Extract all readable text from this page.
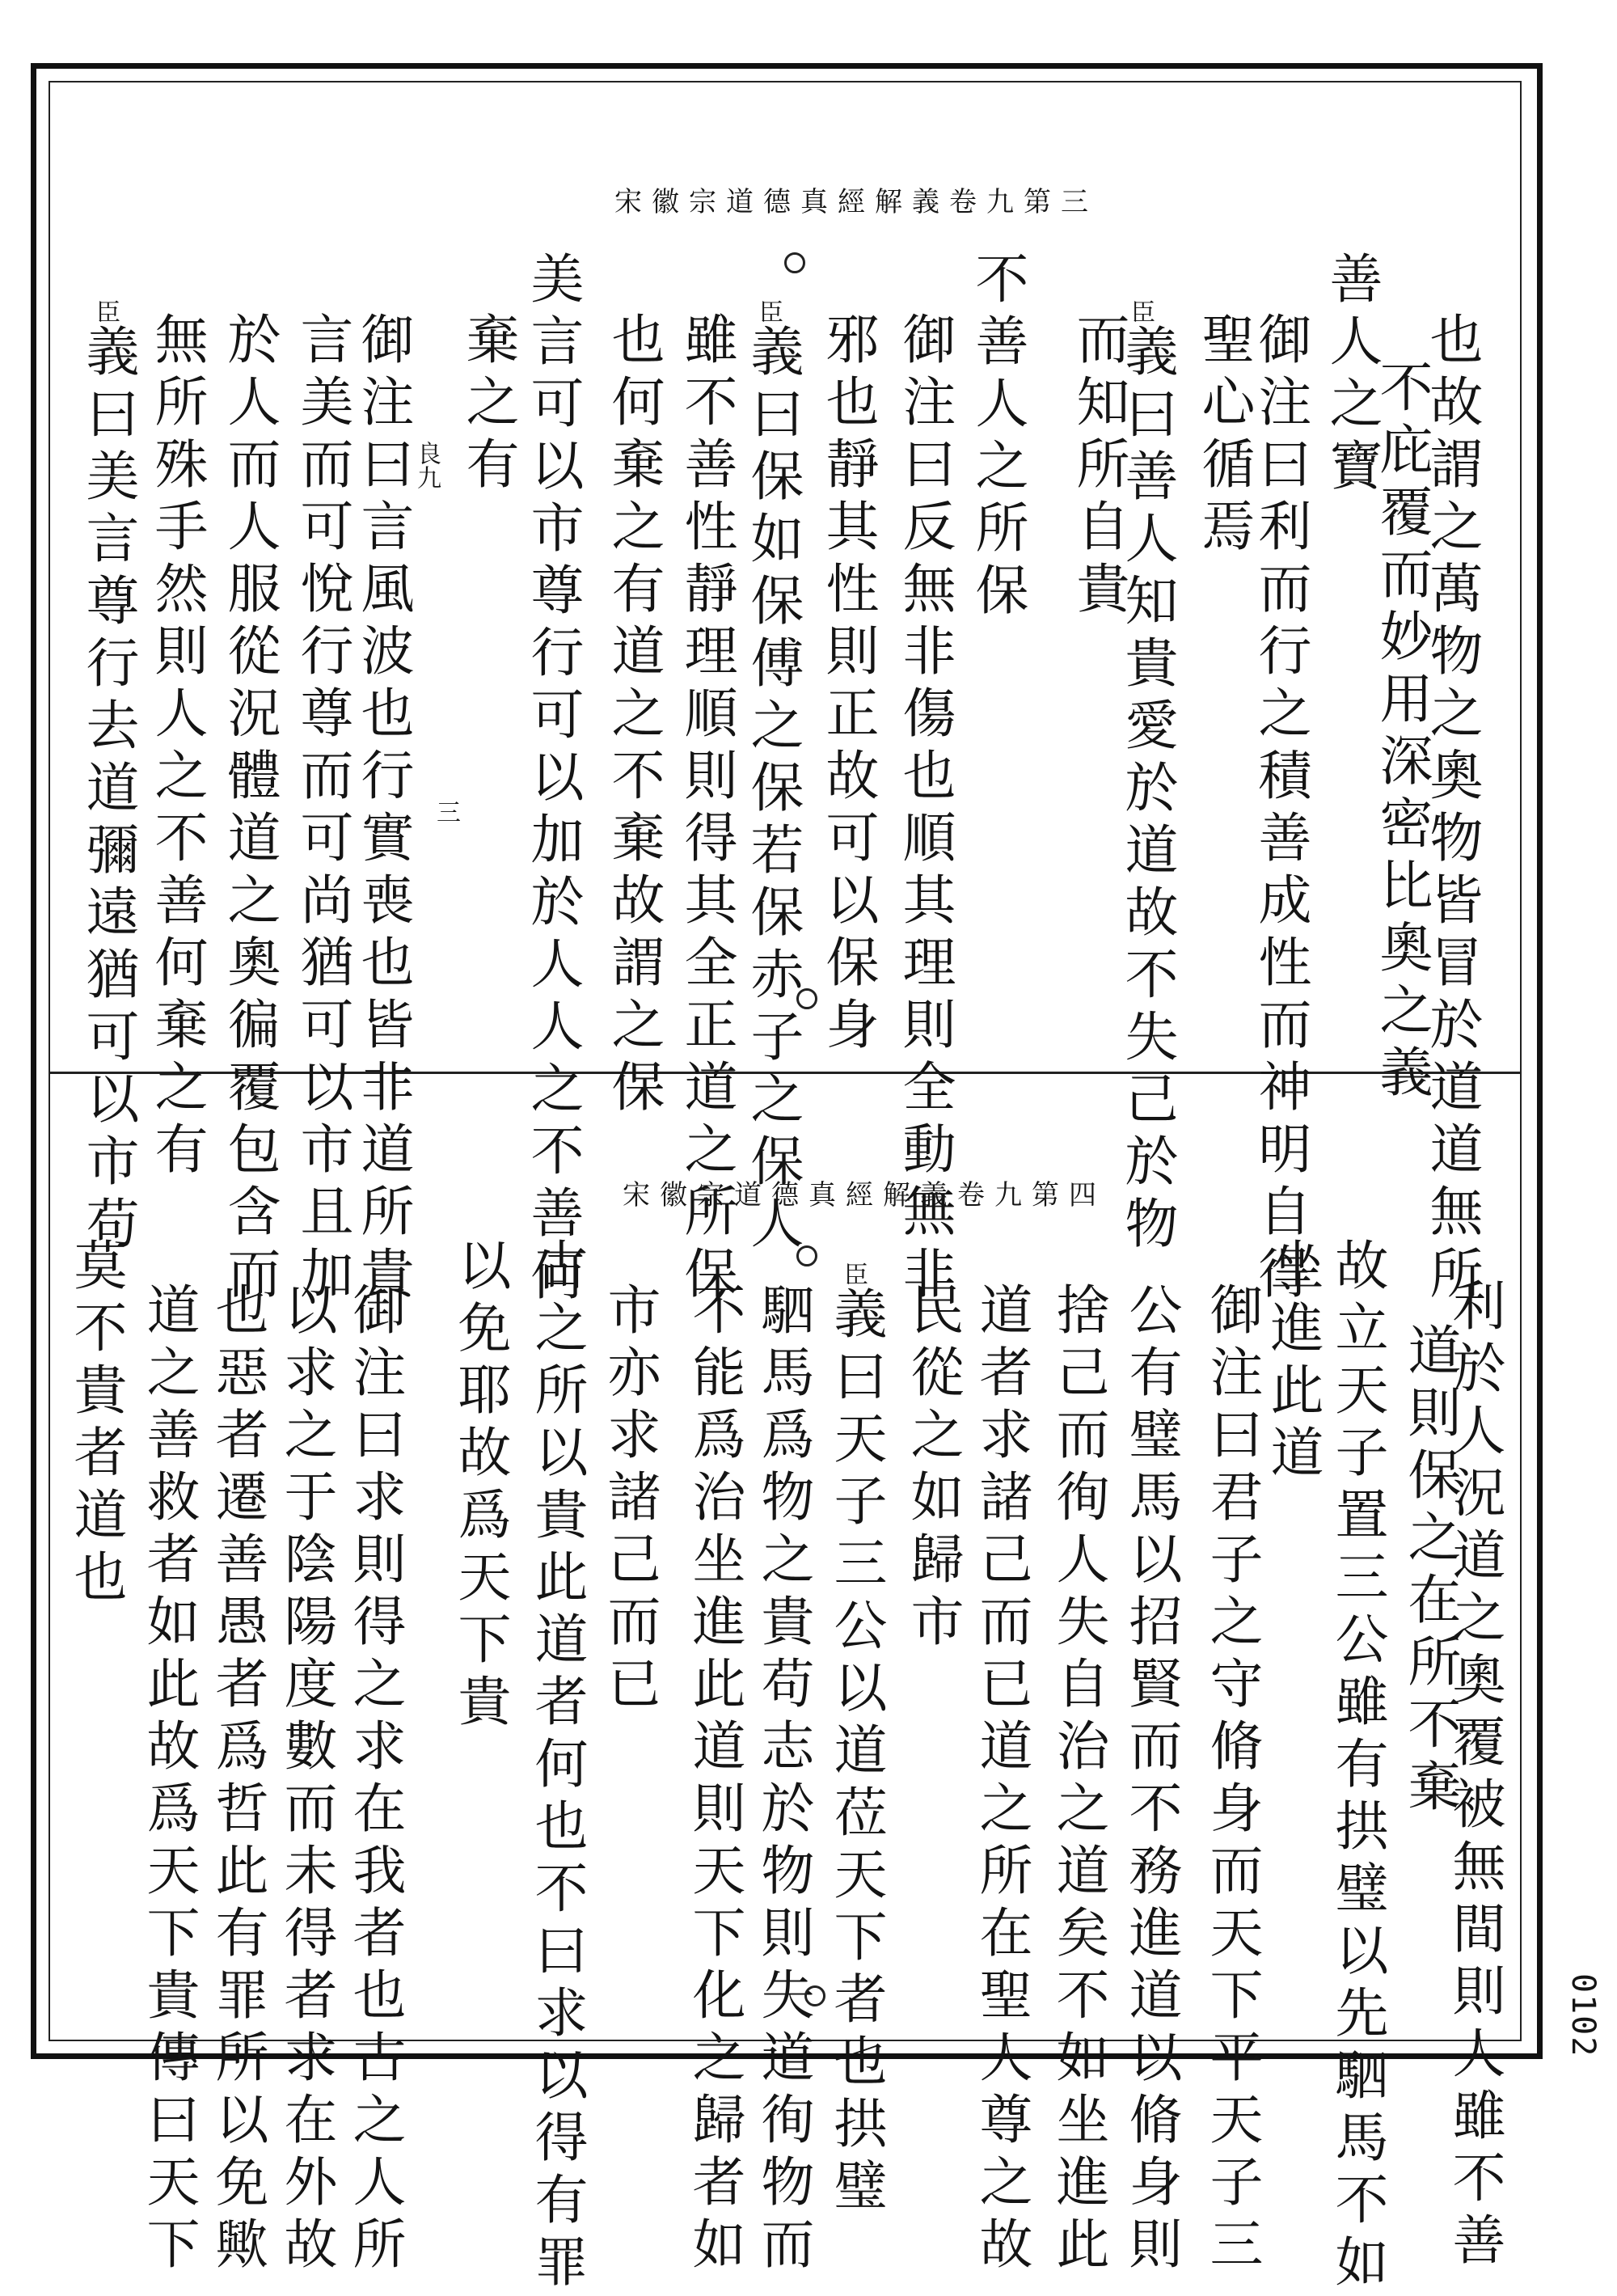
宋徽宗道德真經解義卷九第三
也故謂之萬物之奧物皆冒於道道無所
不庇覆而妙用深密比奧之義
善人之寶
御注曰利而行之積善成性而神明自得
聖心循焉
臣
義曰善人知貴愛於道故不失己於物
而知所自貴
不善人之所保
御注曰反無非傷也順其理則全動無非
邪也靜其性則正故可以保身
臣
義曰保如保傅之保若保赤子之保人
雖不善性靜理順則得其全正道之所保
也何棄之有道之不棄故謂之保
美言可以市尊行可以加於人人之不善何
棄之有
御注曰言風波也行實喪也皆非道所貴
言美而可悅行尊而可尚猶可以市且加
於人而人服從況體道之奧徧覆包含而
無所殊手然則人之不善何棄之有
臣
義曰美言尊行去道彌遠猶可以市苟	良九
三
宋徽宗道德真經解義卷九第四
利於人況道之奧覆被無間則人雖不善
道則保之在所不棄
故立天子置三公雖有拱璧以先駟馬不如
坐進此道
御注曰君子之守脩身而天下平天子三
公有璧馬以招賢而不務進道以脩身則
捨己而徇人失自治之道矣不如坐進此
道者求諸己而已道之所在聖人尊之故
民從之如歸市
臣
義曰天子三公以道莅天下者也拱璧
駟馬爲物之貴苟志於物則失道徇物而
不能爲治坐進此道則天下化之歸者如
市亦求諸己而已
古之所以貴此道者何也不曰求以得有罪
以免耶故爲天下貴
御注曰求則得之求在我者也古之人所
以求之于陰陽度數而未得者求在外故
也惡者遷善愚者爲哲此有罪所以免歟
道之善救者如此故爲天下貴傳曰天下
莫不貴者道也
0102
